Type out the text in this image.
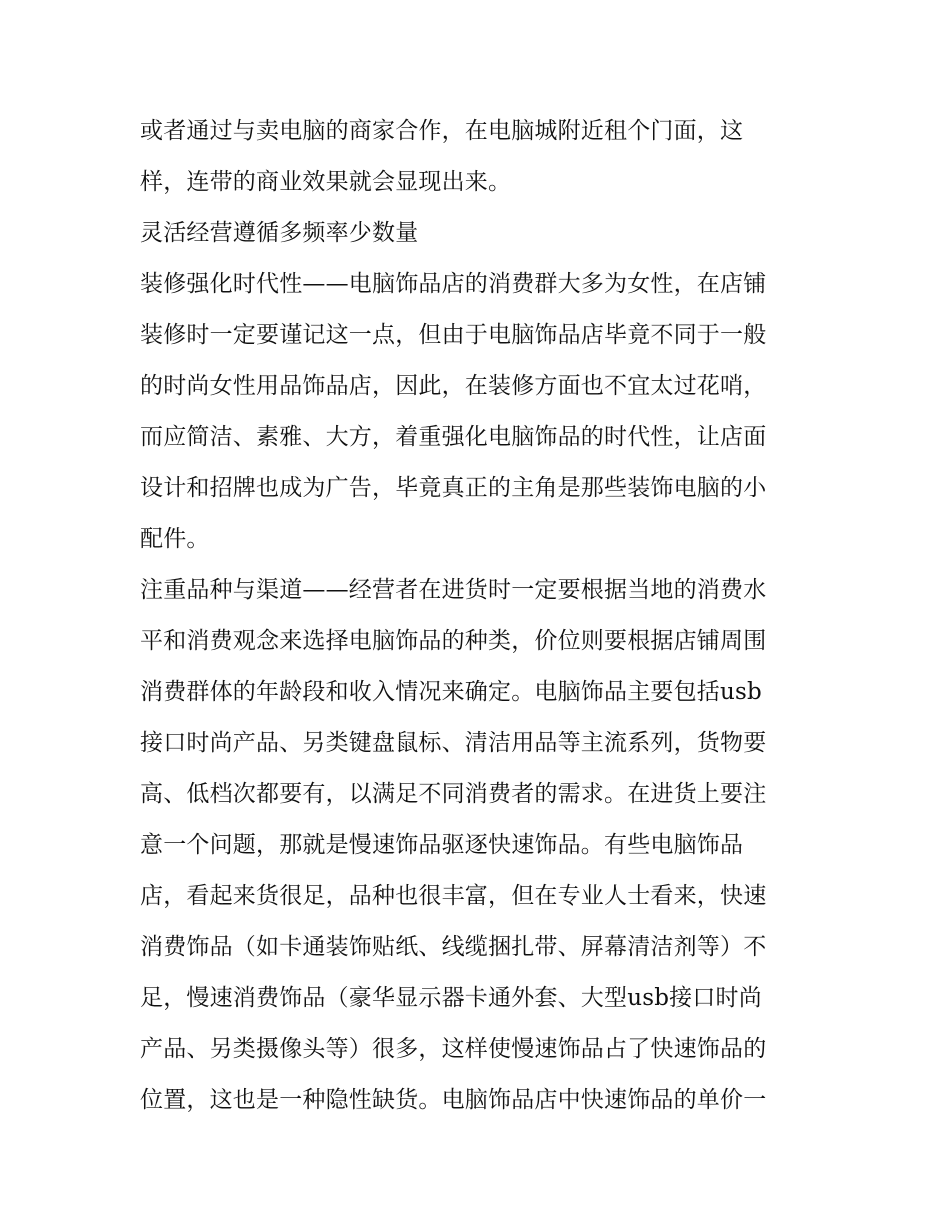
或者通过与卖电脑的商家合作，在电脑城附近租个门面，这
样，连带的商业效果就会显现出来。
灵活经营遵循多频率少数量
装修强化时代性——电脑饰品店的消费群大多为女性，在店铺
装修时一定要谨记这一点，但由于电脑饰品店毕竟不同于一般
的时尚女性用品饰品店，因此，在装修方面也不宜太过花哨，
而应简洁、素雅、大方，着重强化电脑饰品的时代性，让店面
设计和招牌也成为广告，毕竟真正的主角是那些装饰电脑的小
配件。
注重品种与渠道——经营者在进货时一定要根据当地的消费水
平和消费观念来选择电脑饰品的种类，价位则要根据店铺周围
消费群体的年龄段和收入情况来确定。电脑饰品主要包括usb
接口时尚产品、另类键盘鼠标、清洁用品等主流系列，货物要
高、低档次都要有，以满足不同消费者的需求。在进货上要注
意一个问题，那就是慢速饰品驱逐快速饰品。有些电脑饰品
店，看起来货很足，品种也很丰富，但在专业人士看来，快速
消费饰品（如卡通装饰贴纸、线缆捆扎带、屏幕清洁剂等）不
足，慢速消费饰品（豪华显示器卡通外套、大型usb接口时尚
产品、另类摄像头等）很多，这样使慢速饰品占了快速饰品的
位置，这也是一种隐性缺货。电脑饰品店中快速饰品的单价一
